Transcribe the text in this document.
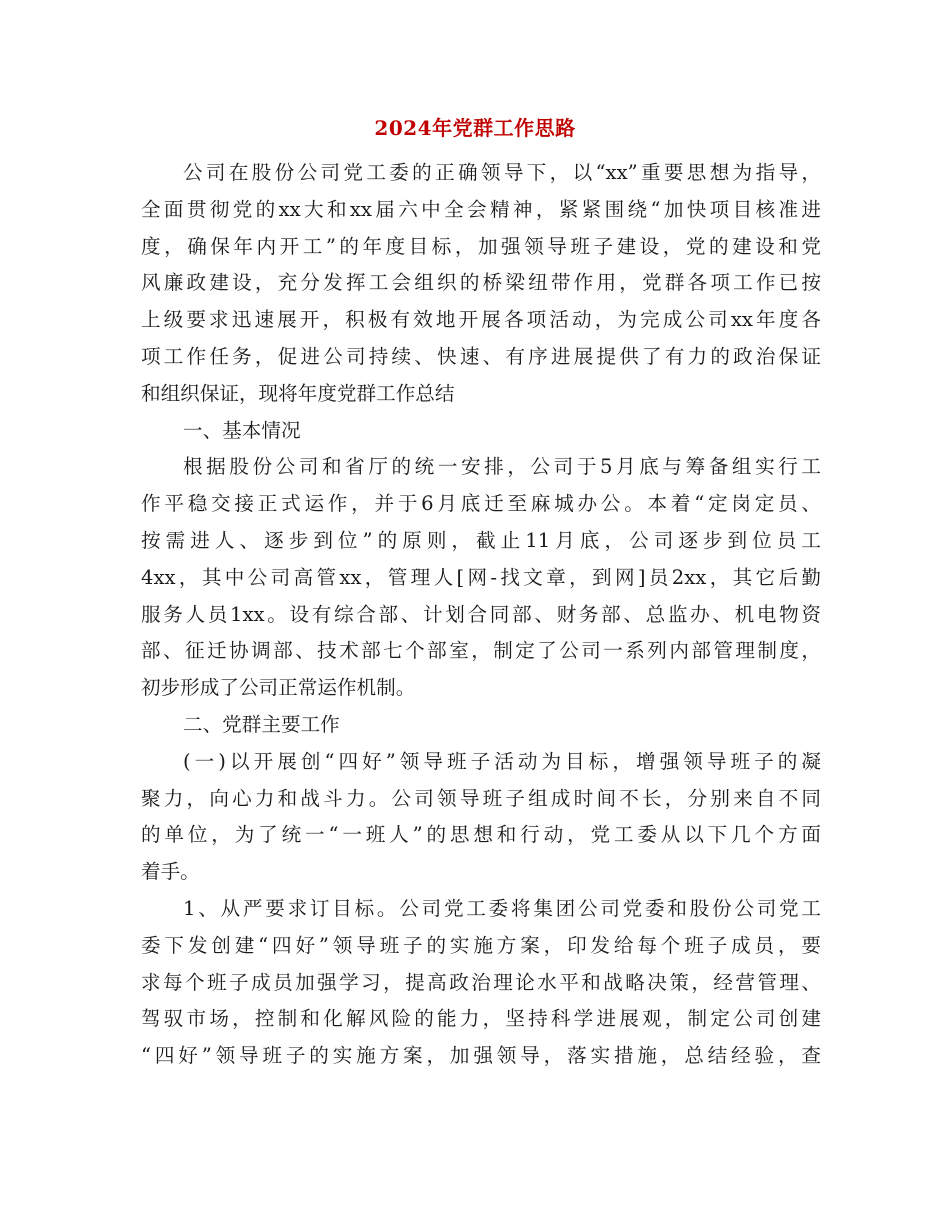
2024年党群工作思路
公司在股份公司党工委的正确领导下，以“xx”重要思想为指导，
全面贯彻党的xx大和xx届六中全会精神，紧紧围绕“加快项目核准进
度，确保年内开工”的年度目标，加强领导班子建设，党的建设和党
风廉政建设，充分发挥工会组织的桥梁纽带作用，党群各项工作已按
上级要求迅速展开，积极有效地开展各项活动，为完成公司xx年度各
项工作任务，促进公司持续、快速、有序进展提供了有力的政治保证
和组织保证，现将年度党群工作总结
一、基本情况
根据股份公司和省厅的统一安排，公司于5月底与筹备组实行工
作平稳交接正式运作，并于6月底迁至麻城办公。本着“定岗定员、
按需进人、逐步到位”的原则，截止11月底，公司逐步到位员工
4xx，其中公司高管xx，管理人[网-找文章，到网]员2xx，其它后勤
服务人员1xx。设有综合部、计划合同部、财务部、总监办、机电物资
部、征迁协调部、技术部七个部室，制定了公司一系列内部管理制度，
初步形成了公司正常运作机制。
二、党群主要工作
(一)以开展创“四好”领导班子活动为目标，增强领导班子的凝
聚力，向心力和战斗力。公司领导班子组成时间不长，分别来自不同
的单位，为了统一“一班人”的思想和行动，党工委从以下几个方面
着手。
1、从严要求订目标。公司党工委将集团公司党委和股份公司党工
委下发创建“四好”领导班子的实施方案，印发给每个班子成员，要
求每个班子成员加强学习，提高政治理论水平和战略决策，经营管理、
驾驭市场，控制和化解风险的能力，坚持科学进展观，制定公司创建
“四好”领导班子的实施方案，加强领导，落实措施，总结经验，查
